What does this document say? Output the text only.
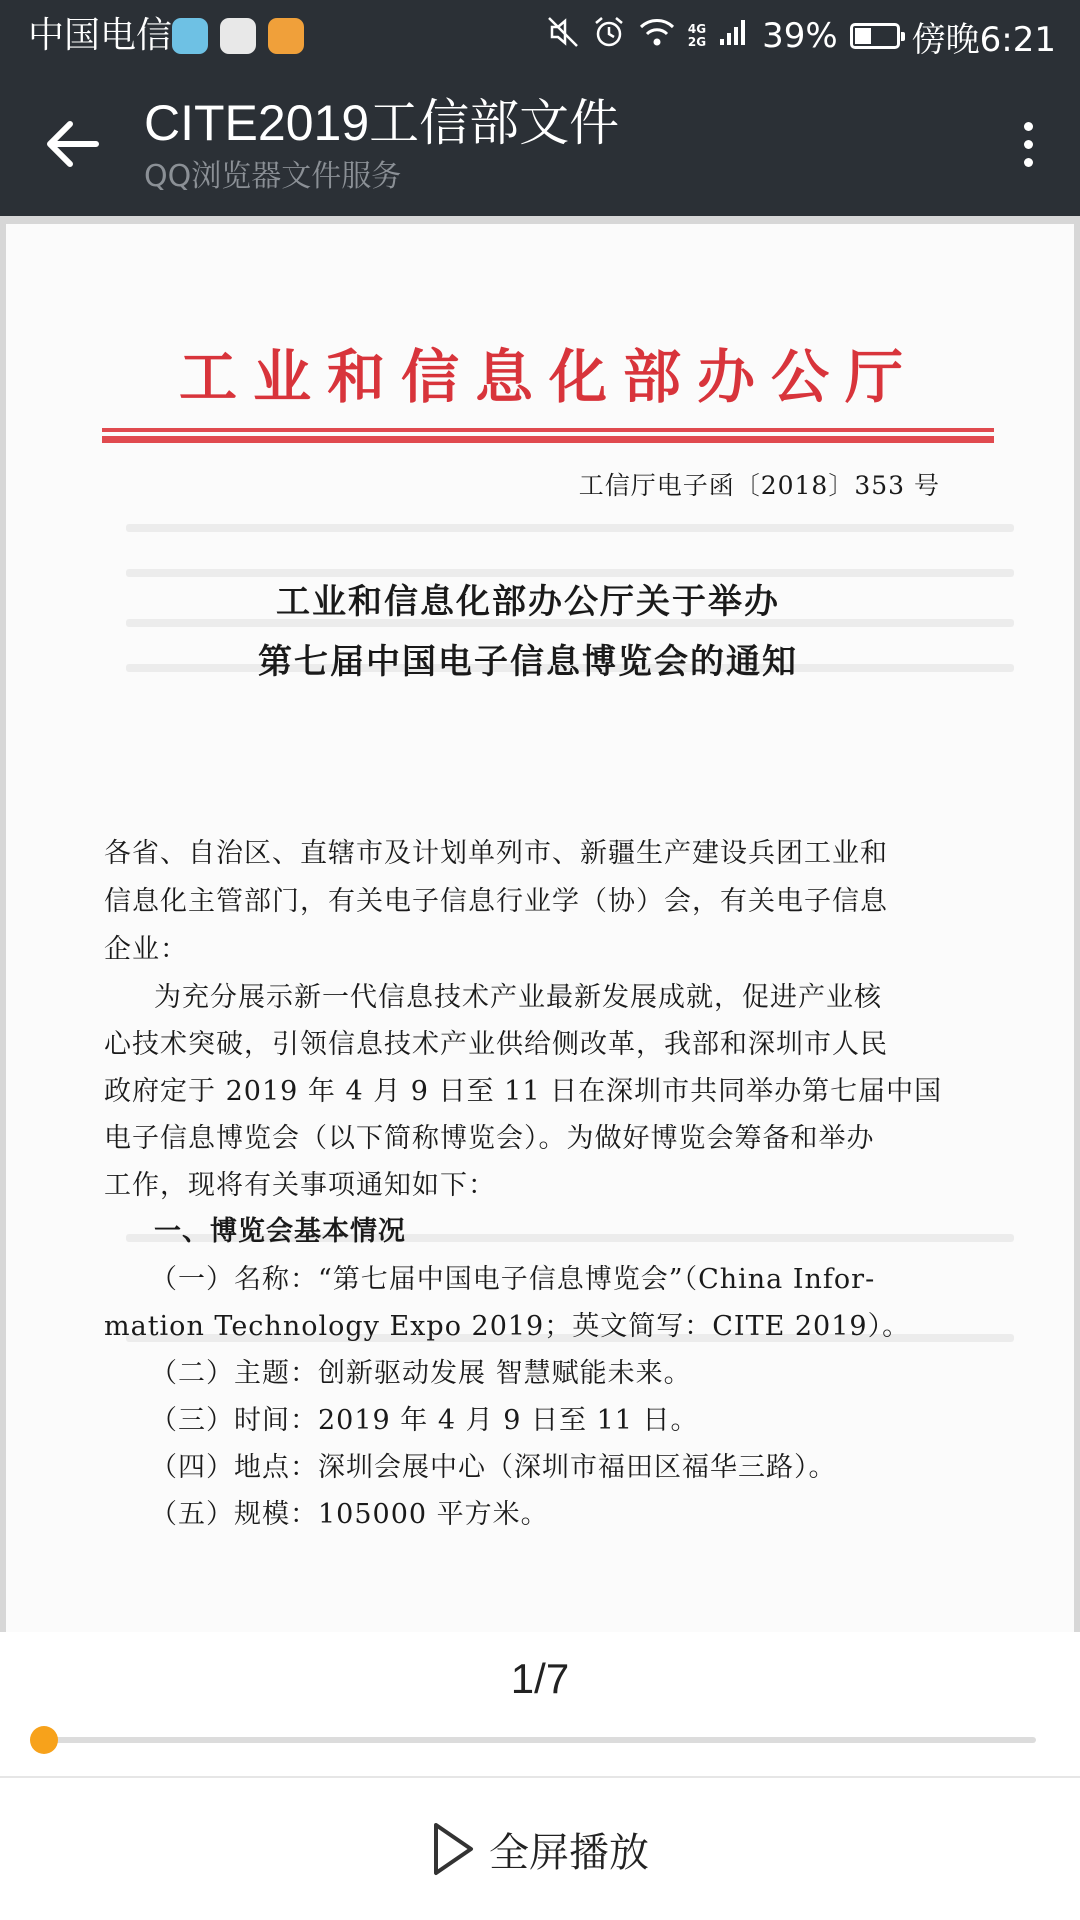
中国电信	4G
2G 39% 傍晚6:21
CITE2019工信部文件
QQ浏览器文件服务
工业和信息化部办公厅
工信厅电子函〔2018〕353 号
工业和信息化部办公厅关于举办
第七届中国电子信息博览会的通知
各省、自治区、直辖市及计划单列市、新疆生产建设兵团工业和
信息化主管部门，有关电子信息行业学（协）会，有关电子信息
企业：
为充分展示新一代信息技术产业最新发展成就，促进产业核
心技术突破，引领信息技术产业供给侧改革，我部和深圳市人民
政府定于 2019 年 4 月 9 日至 11 日在深圳市共同举办第七届中国
电子信息博览会（以下简称博览会）。为做好博览会筹备和举办
工作，现将有关事项通知如下：
一、博览会基本情况
（一）名称：“第七届中国电子信息博览会”（China Infor-
mation Technology Expo 2019；英文简写：CITE 2019）。
（二）主题：创新驱动发展 智慧赋能未来。
（三）时间：2019 年 4 月 9 日至 11 日。
（四）地点：深圳会展中心（深圳市福田区福华三路）。
（五）规模：105000 平方米。
1/7
全屏播放
